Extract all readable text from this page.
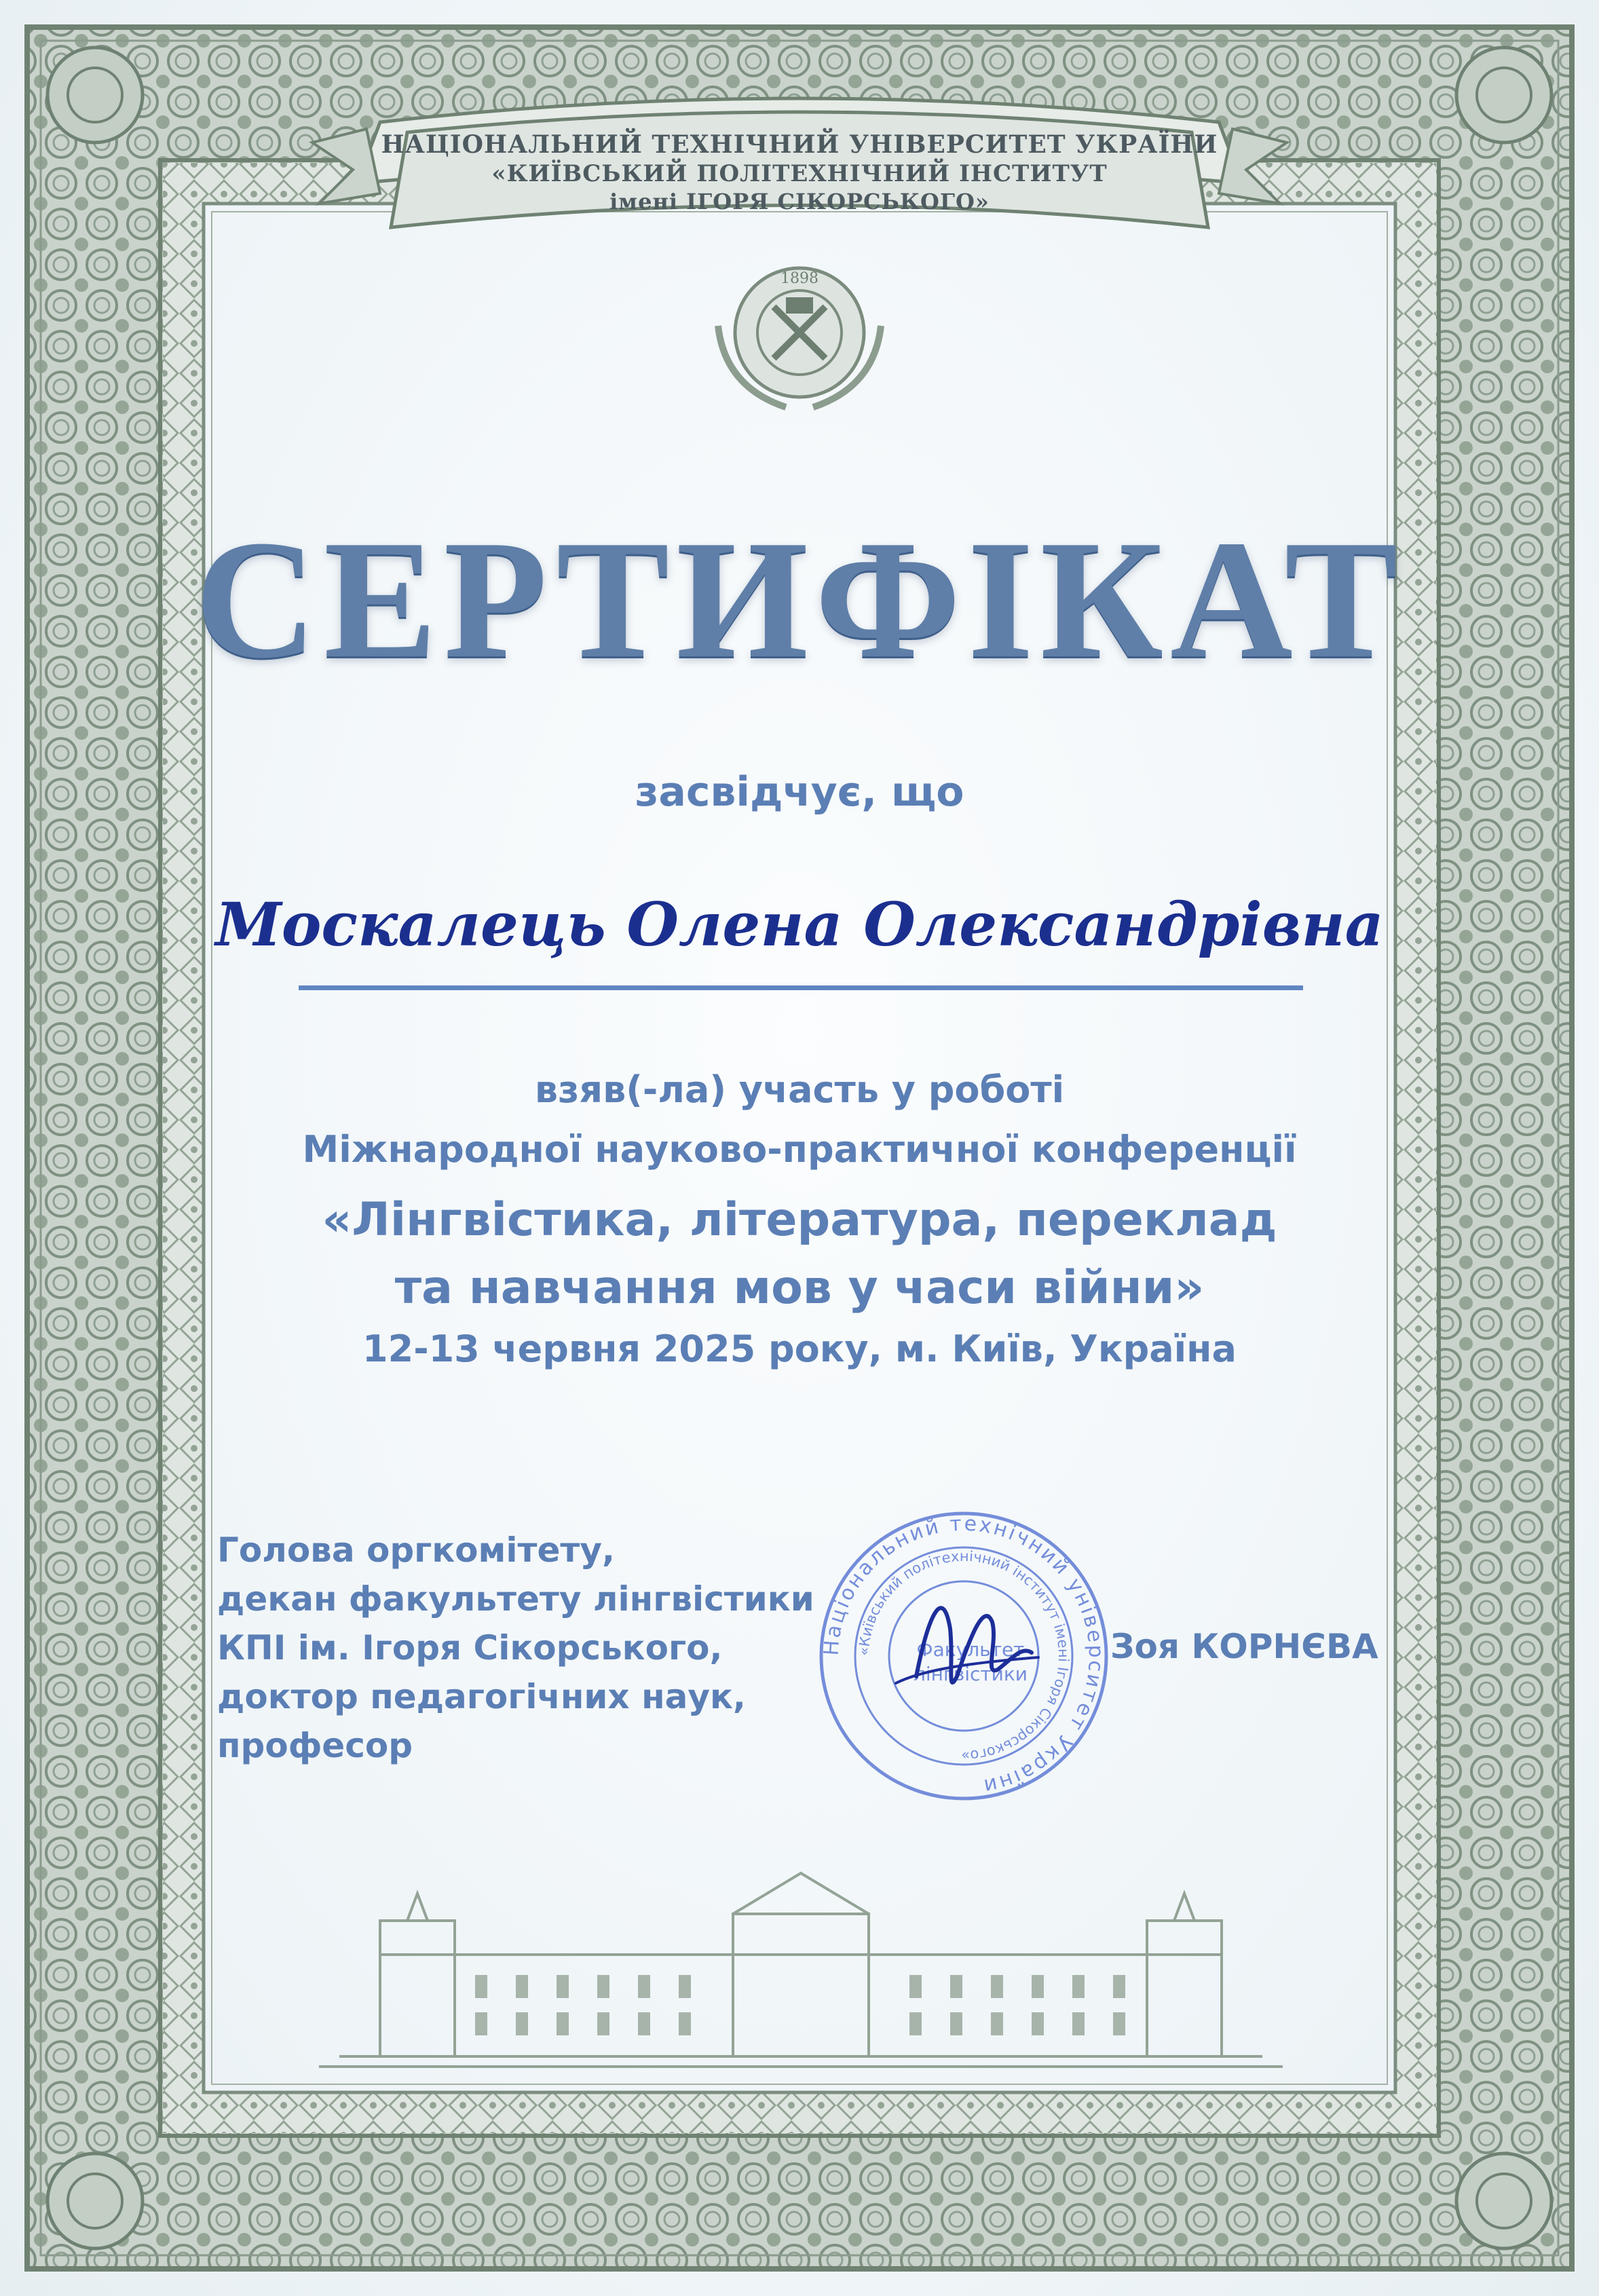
НАЦІОНАЛЬНИЙ ТЕХНІЧНИЙ УНІВЕРСИТЕТ УКРАЇНИ
«КИЇВСЬКИЙ ПОЛІТЕХНІЧНИЙ ІНСТИТУТ
імені ІГОРЯ СІКОРСЬКОГО»
1898
СЕРТИФІКАТ
засвідчує, що
Москалець Олена Олександрівна
взяв(-ла) участь у роботі
Міжнародної науково-практичної конференції
«Лінгвістика, література, переклад
та навчання мов у часи війни»
12-13 червня 2025 року, м. Київ, Україна
Голова оргкомітету,
декан факультету лінгвістики
КПІ ім. Ігоря Сікорського,
доктор педагогічних наук,
професор
Зоя КОРНЄВА
Національний технічний університет України
«Київський політехнічний інститут імені Ігоря Сікорського»
Факультет
лінгвістики
